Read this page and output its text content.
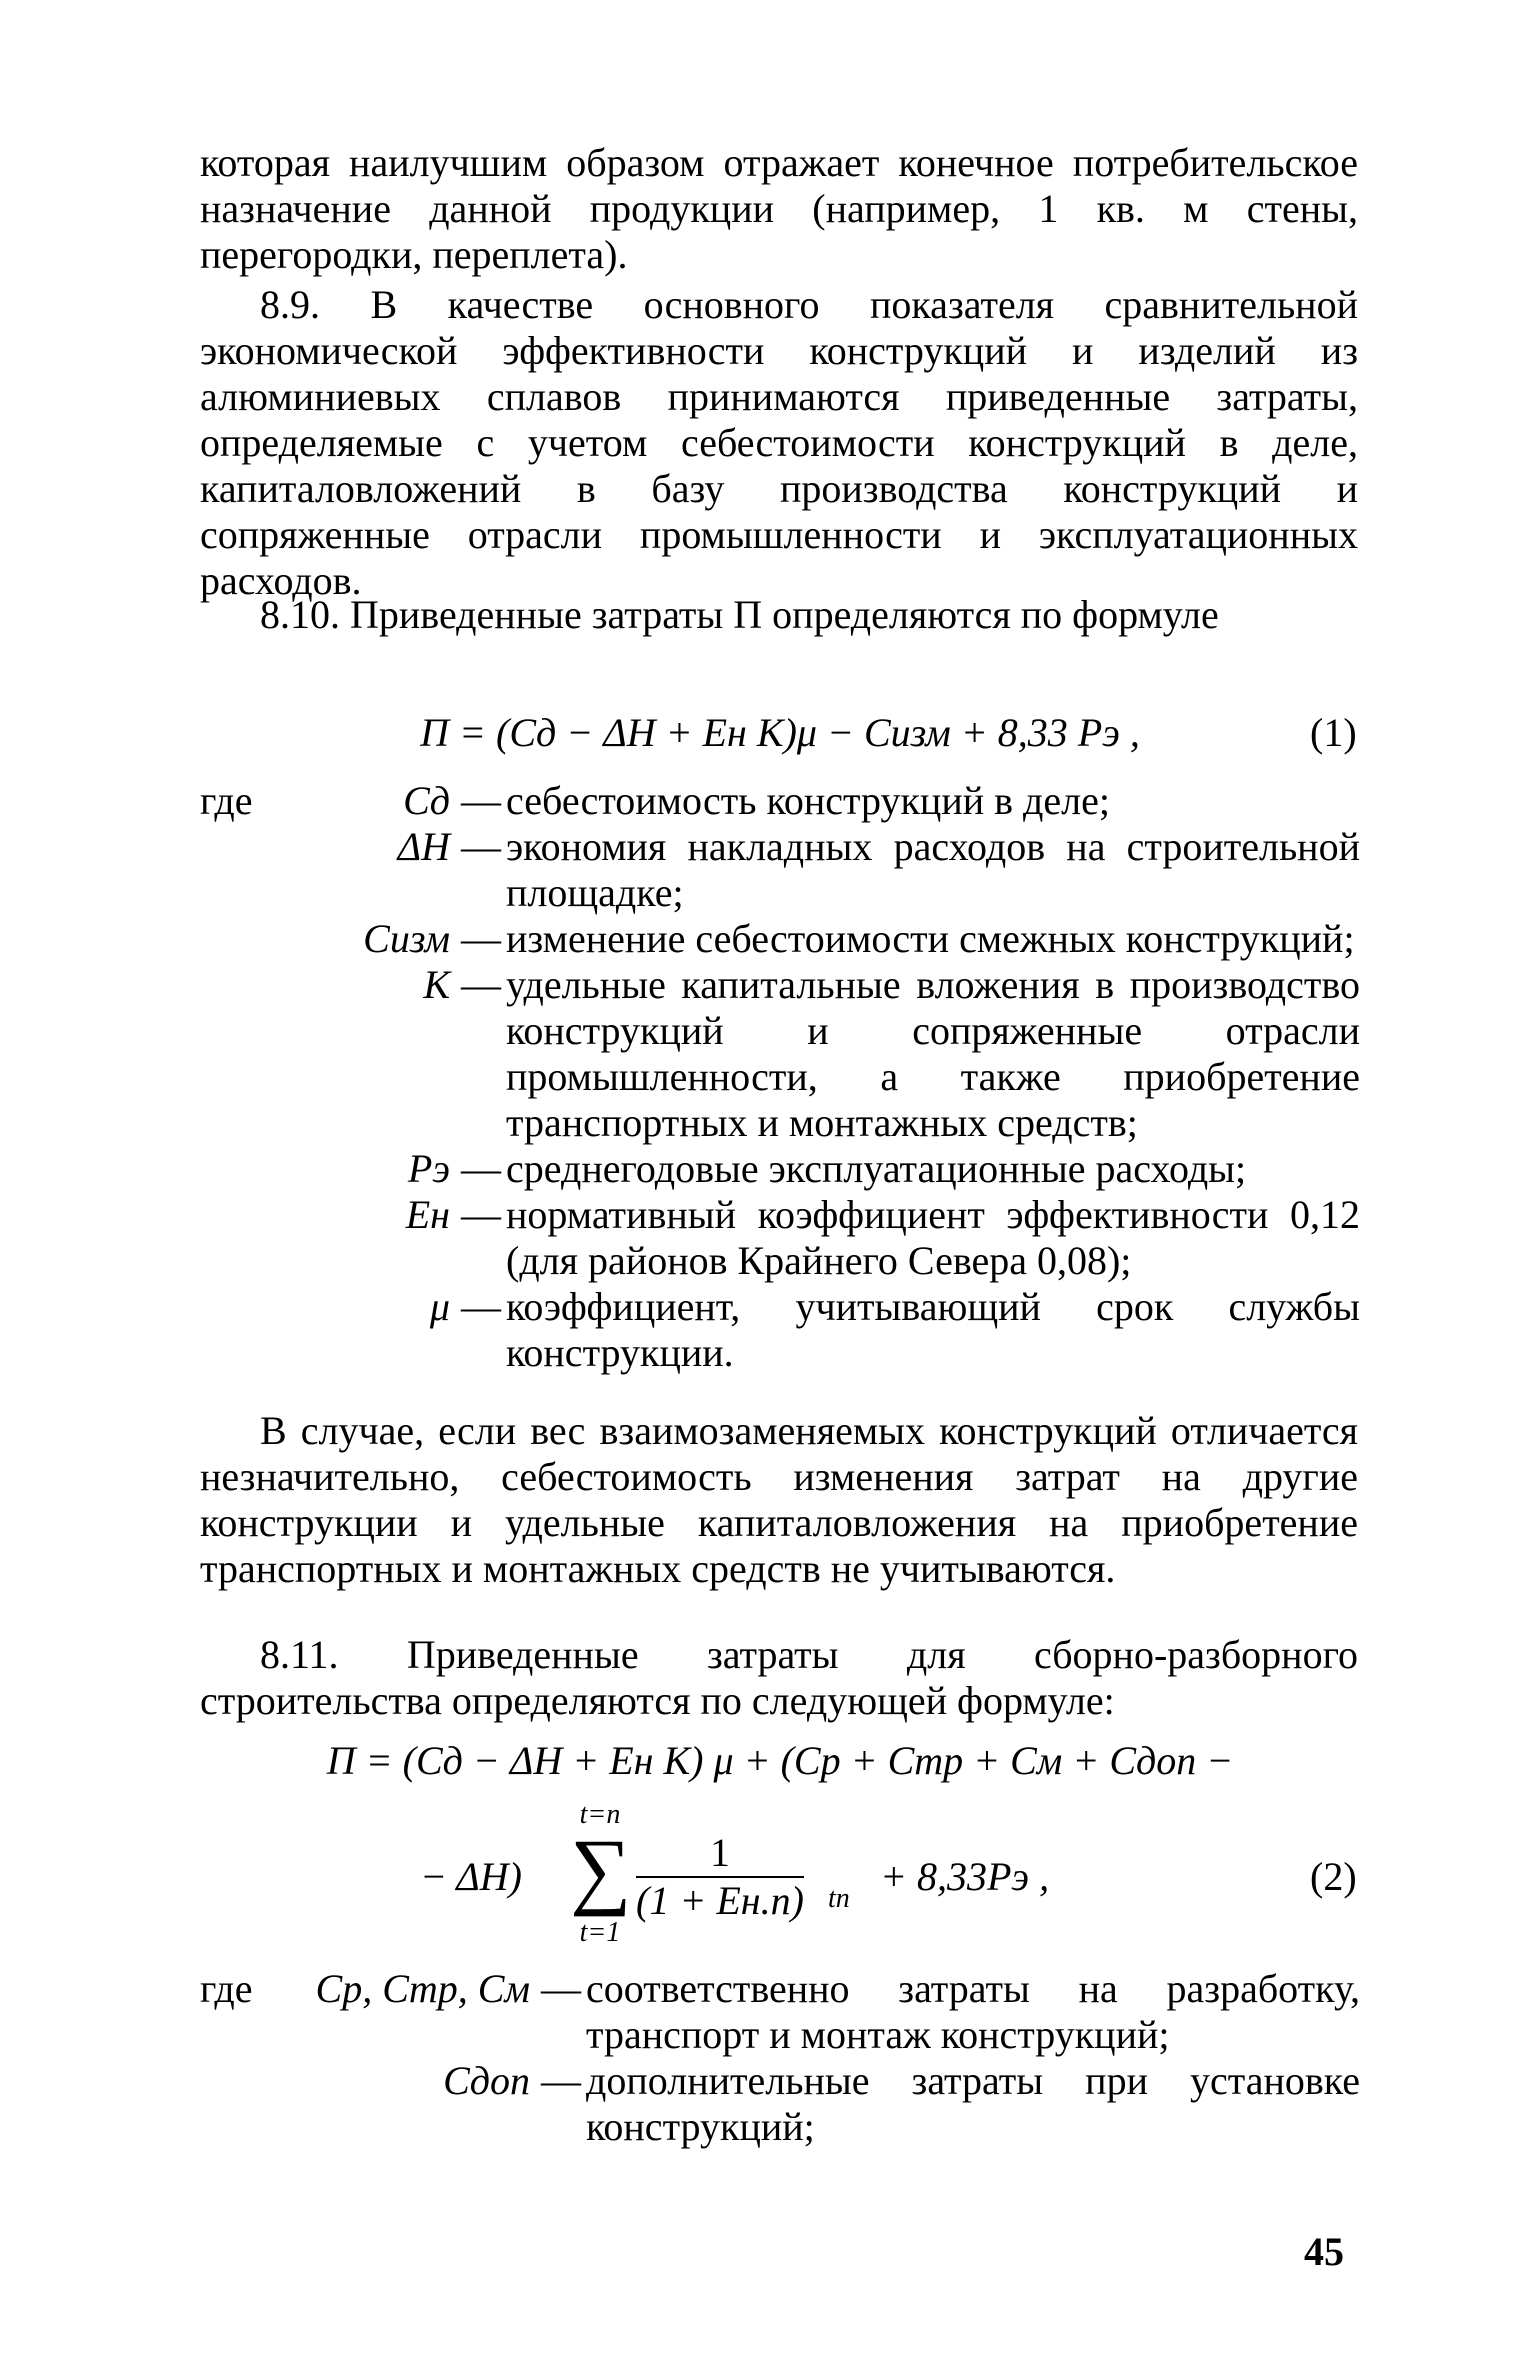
которая наилучшим образом отражает конечное потребительское назначение данной продукции (например, 1 кв. м стены, перегородки, переплета).

8.9. В качестве основного показателя сравнительной экономической эффективности конструкций и изделий из алюминиевых сплавов принимаются приведенные затраты, определяемые с учетом себестоимости конструкций в деле, капиталовложений в базу производства конструкций и сопряженные отрасли промышленности и эксплуатационных расходов.

8.10. Приведенные затраты П определяются по формуле

П = (Cд − ΔH + Eн K)μ − Cизм + 8,33 Pэ ,	(1)
где	Cд — себестоимость конструкций в деле;
ΔH — экономия накладных расходов на строительной площадке;
Cизм — изменение себестоимости смежных конструкций;
K — удельные капитальные вложения в производство конструкций и сопряженные отрасли промышленности, а также приобретение транспортных и монтажных средств;
Pэ — среднегодовые эксплуатационные расходы;
Eн — нормативный коэффициент эффективности 0,12 (для районов Крайнего Севера 0,08);
μ — коэффициент, учитывающий срок службы конструкции.

В случае, если вес взаимозаменяемых конструкций отличается незначительно, себестоимость изменения затрат на другие конструкции и удельные капиталовложения на приобретение транспортных и монтажных средств не учитываются.

8.11. Приведенные затраты для сборно-разборного строительства определяются по следующей формуле:

П = (Cд − ΔH + Eн K) μ + (Cр + Cтр + Cм + Cдоп −
− ΔH)
t=n
∑
t=1
1
(1 + Eн.п) tп + 8,33Pэ ,	(2)
где	Cр, Cтр, Cм — соответственно затраты на разработку, транспорт и монтаж конструкций;
Cдоп — дополнительные затраты при установке конструкций;
45
